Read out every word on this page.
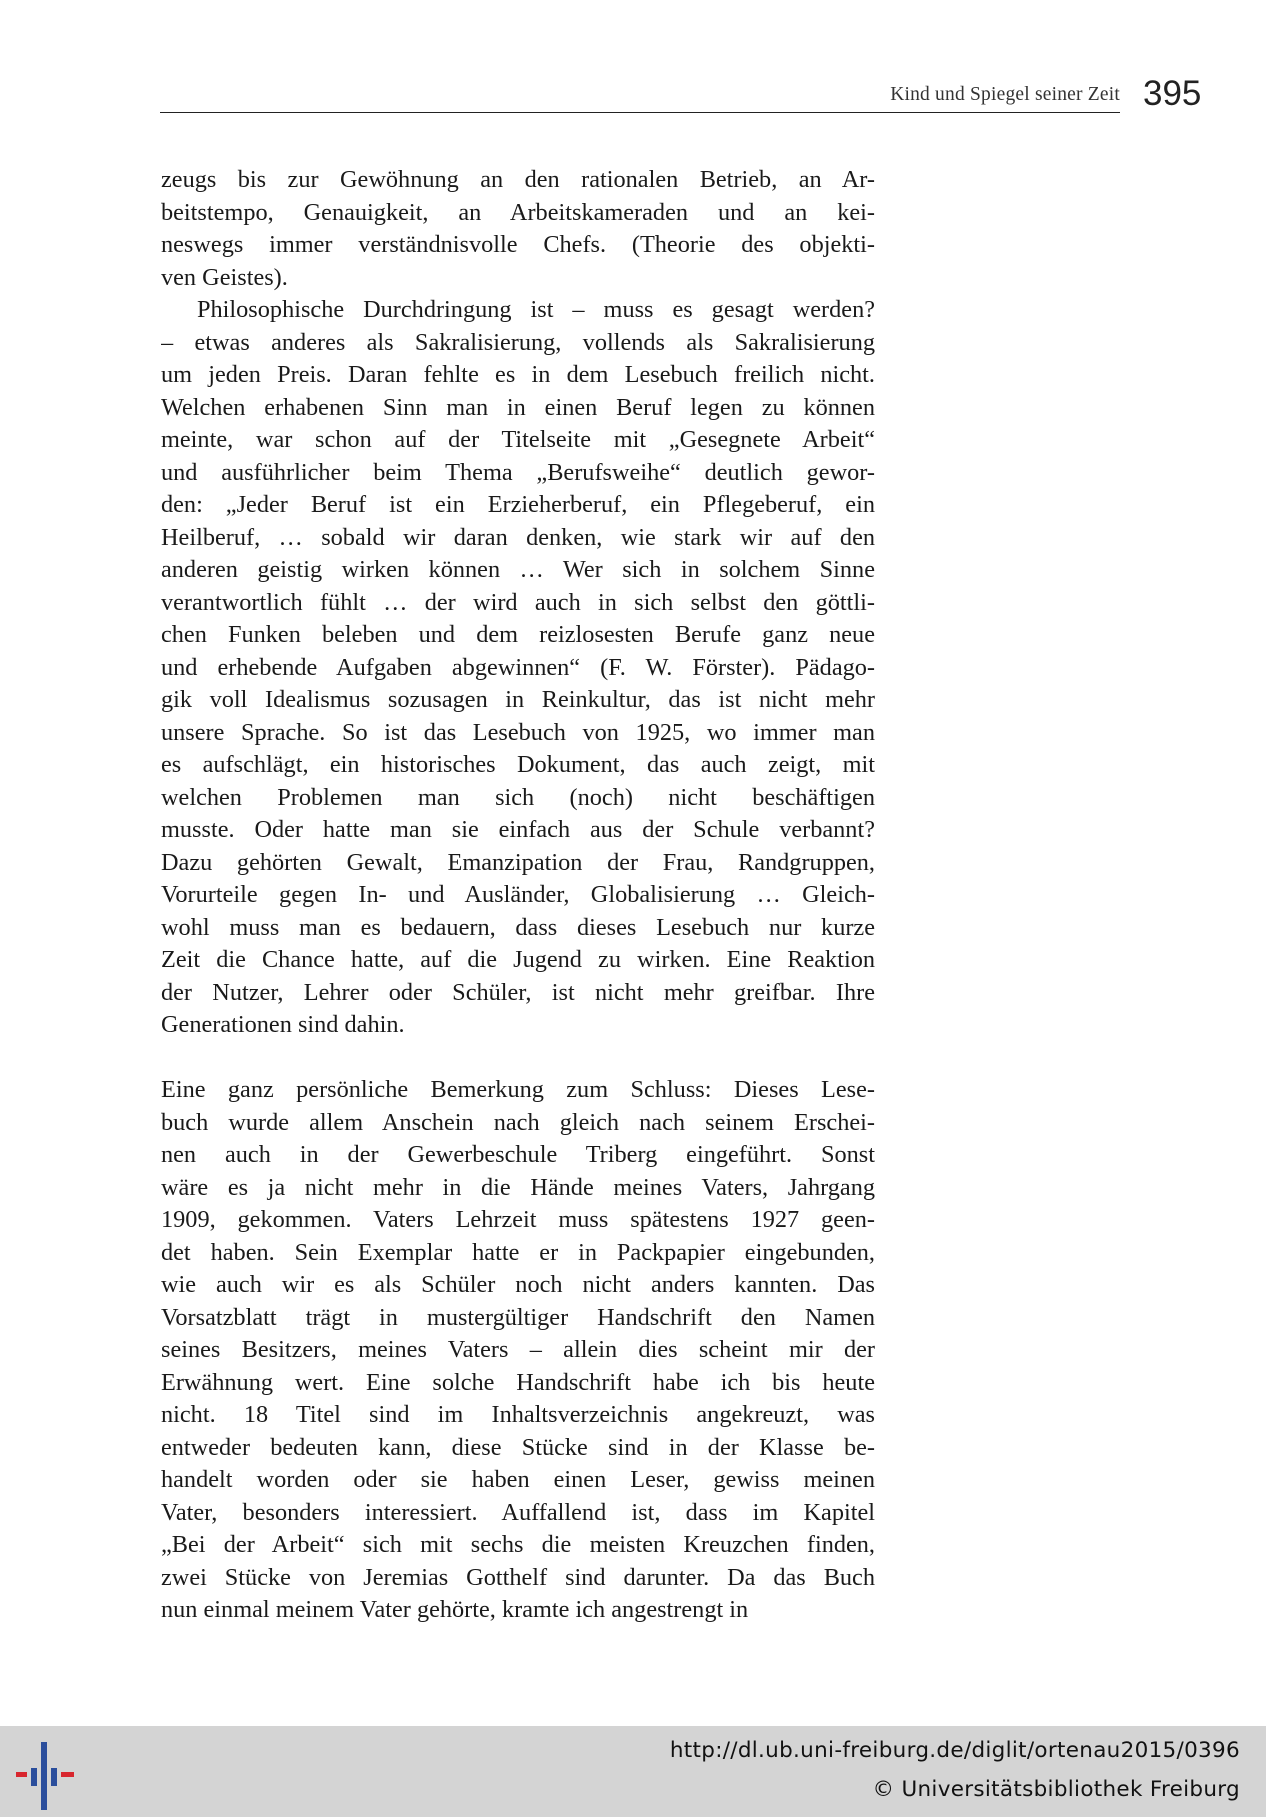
Kind und Spiegel seiner Zeit 395
zeugs bis zur Gewöhnung an den rationalen Betrieb, an Ar-
beitstempo, Genauigkeit, an Arbeitskameraden und an kei-
neswegs immer verständnisvolle Chefs. (Theorie des objekti-
ven Geistes).
Philosophische Durchdringung ist – muss es gesagt werden?
– etwas anderes als Sakralisierung, vollends als Sakralisierung
um jeden Preis. Daran fehlte es in dem Lesebuch freilich nicht.
Welchen erhabenen Sinn man in einen Beruf legen zu können
meinte, war schon auf der Titelseite mit „Gesegnete Arbeit“
und ausführlicher beim Thema „Berufsweihe“ deutlich gewor-
den: „Jeder Beruf ist ein Erzieherberuf, ein Pflegeberuf, ein
Heilberuf, … sobald wir daran denken, wie stark wir auf den
anderen geistig wirken können … Wer sich in solchem Sinne
verantwortlich fühlt … der wird auch in sich selbst den göttli-
chen Funken beleben und dem reizlosesten Berufe ganz neue
und erhebende Aufgaben abgewinnen“ (F. W. Förster). Pädago-
gik voll Idealismus sozusagen in Reinkultur, das ist nicht mehr
unsere Sprache. So ist das Lesebuch von 1925, wo immer man
es aufschlägt, ein historisches Dokument, das auch zeigt, mit
welchen Problemen man sich (noch) nicht beschäftigen
musste. Oder hatte man sie einfach aus der Schule verbannt?
Dazu gehörten Gewalt, Emanzipation der Frau, Randgruppen,
Vorurteile gegen In- und Ausländer, Globalisierung … Gleich-
wohl muss man es bedauern, dass dieses Lesebuch nur kurze
Zeit die Chance hatte, auf die Jugend zu wirken. Eine Reaktion
der Nutzer, Lehrer oder Schüler, ist nicht mehr greifbar. Ihre
Generationen sind dahin.
Eine ganz persönliche Bemerkung zum Schluss: Dieses Lese-
buch wurde allem Anschein nach gleich nach seinem Erschei-
nen auch in der Gewerbeschule Triberg eingeführt. Sonst
wäre es ja nicht mehr in die Hände meines Vaters, Jahrgang
1909, gekommen. Vaters Lehrzeit muss spätestens 1927 geen-
det haben. Sein Exemplar hatte er in Packpapier eingebunden,
wie auch wir es als Schüler noch nicht anders kannten. Das
Vorsatzblatt trägt in mustergültiger Handschrift den Namen
seines Besitzers, meines Vaters – allein dies scheint mir der
Erwähnung wert. Eine solche Handschrift habe ich bis heute
nicht. 18 Titel sind im Inhaltsverzeichnis angekreuzt, was
entweder bedeuten kann, diese Stücke sind in der Klasse be-
handelt worden oder sie haben einen Leser, gewiss meinen
Vater, besonders interessiert. Auffallend ist, dass im Kapitel
„Bei der Arbeit“ sich mit sechs die meisten Kreuzchen finden,
zwei Stücke von Jeremias Gotthelf sind darunter. Da das Buch
nun einmal meinem Vater gehörte, kramte ich angestrengt in
http://dl.ub.uni-freiburg.de/diglit/ortenau2015/0396
© Universitätsbibliothek Freiburg
